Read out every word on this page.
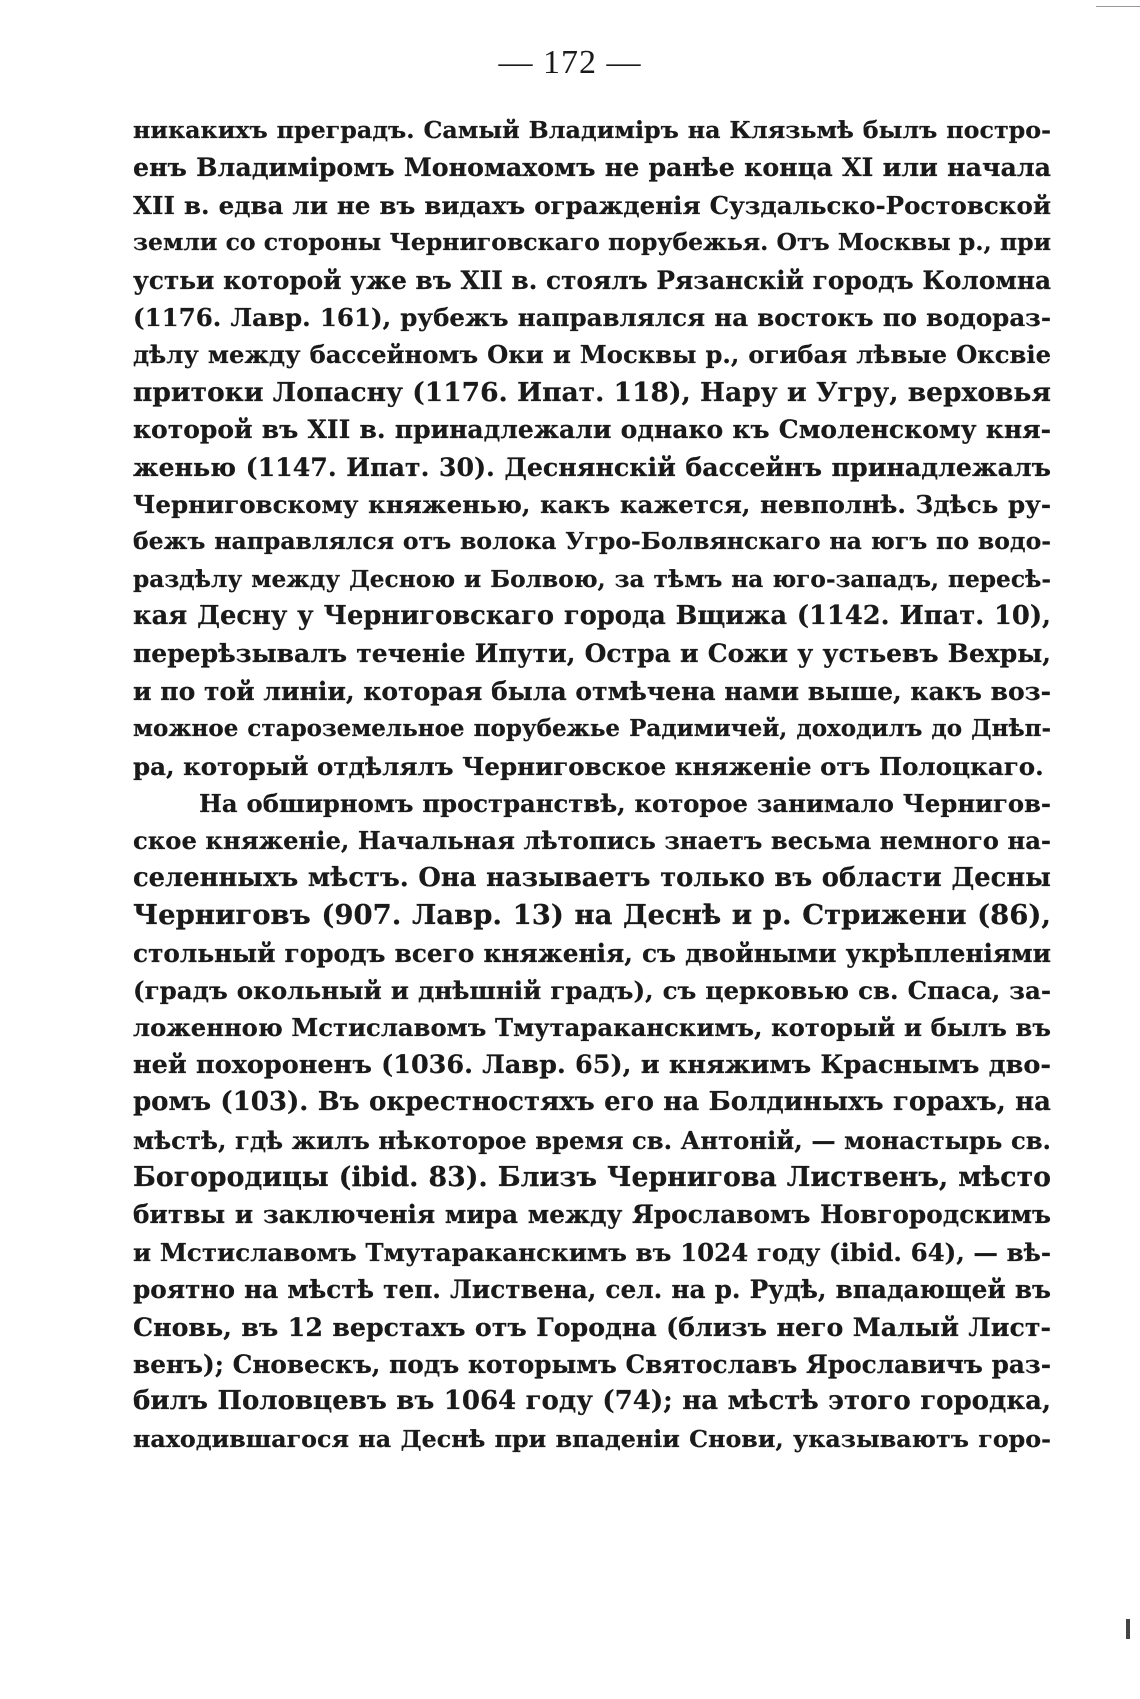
— 172 —
никакихъ преградъ. Самый Владиміръ на Клязьмѣ былъ постро-
енъ Владиміромъ Мономахомъ не ранѣе конца XI или начала
XII в. едва ли не въ видахъ огражденія Суздальско-Ростовской
земли со стороны Черниговскаго порубежья. Отъ Москвы р., при
устьи которой уже въ XII в. стоялъ Рязанскій городъ Коломна
(1176. Лавр. 161), рубежъ направлялся на востокъ по водораз-
дѣлу между бассейномъ Оки и Москвы р., огибая лѣвые Оксвіе
притоки Лопасну (1176. Ипат. 118), Нару и Угру, верховья
которой въ XII в. принадлежали однако къ Смоленскому кня-
женью (1147. Ипат. 30). Деснянскій бассейнъ принадлежалъ
Черниговскому княженью, какъ кажется, невполнѣ. Здѣсь ру-
бежъ направлялся отъ волока Угро-Болвянскаго на югъ по водо-
раздѣлу между Десною и Болвою, за тѣмъ на юго-западъ, пересѣ-
кая Десну у Черниговскаго города Вщижа (1142. Ипат. 10),
перерѣзывалъ теченіе Ипути, Остра и Сожи у устьевъ Вехры,
и по той линіи, которая была отмѣчена нами выше, какъ воз-
можное староземельное порубежье Радимичей, доходилъ до Днѣп-
ра, который отдѣлялъ Черниговское княженіе отъ Полоцкаго.
На обширномъ пространствѣ, которое занимало Чернигов-
ское княженіе, Начальная лѣтопись знаетъ весьма немного на-
селенныхъ мѣстъ. Она называетъ только въ области Десны
Черниговъ (907. Лавр. 13) на Деснѣ и р. Стрижени (86),
стольный городъ всего княженія, съ двойными укрѣпленіями
(градъ окольный и днѣшній градъ), съ церковью св. Спаса, за-
ложенною Мстиславомъ Тмутараканскимъ, который и былъ въ
ней похороненъ (1036. Лавр. 65), и княжимъ Краснымъ дво-
ромъ (103). Въ окрестностяхъ его на Болдиныхъ горахъ, на
мѣстѣ, гдѣ жилъ нѣкоторое время св. Антоній, — монастырь св.
Богородицы (ibid. 83). Близъ Чернигова Лиственъ, мѣсто
битвы и заключенія мира между Ярославомъ Новгородскимъ
и Мстиславомъ Тмутараканскимъ въ 1024 году (ibid. 64), — вѣ-
роятно на мѣстѣ теп. Листвена, сел. на р. Рудѣ, впадающей въ
Сновь, въ 12 верстахъ отъ Городна (близъ него Малый Лист-
венъ); Сновескъ, подъ которымъ Святославъ Ярославичъ раз-
билъ Половцевъ въ 1064 году (74); на мѣстѣ этого городка,
находившагося на Деснѣ при впаденіи Снови, указываютъ горо-
